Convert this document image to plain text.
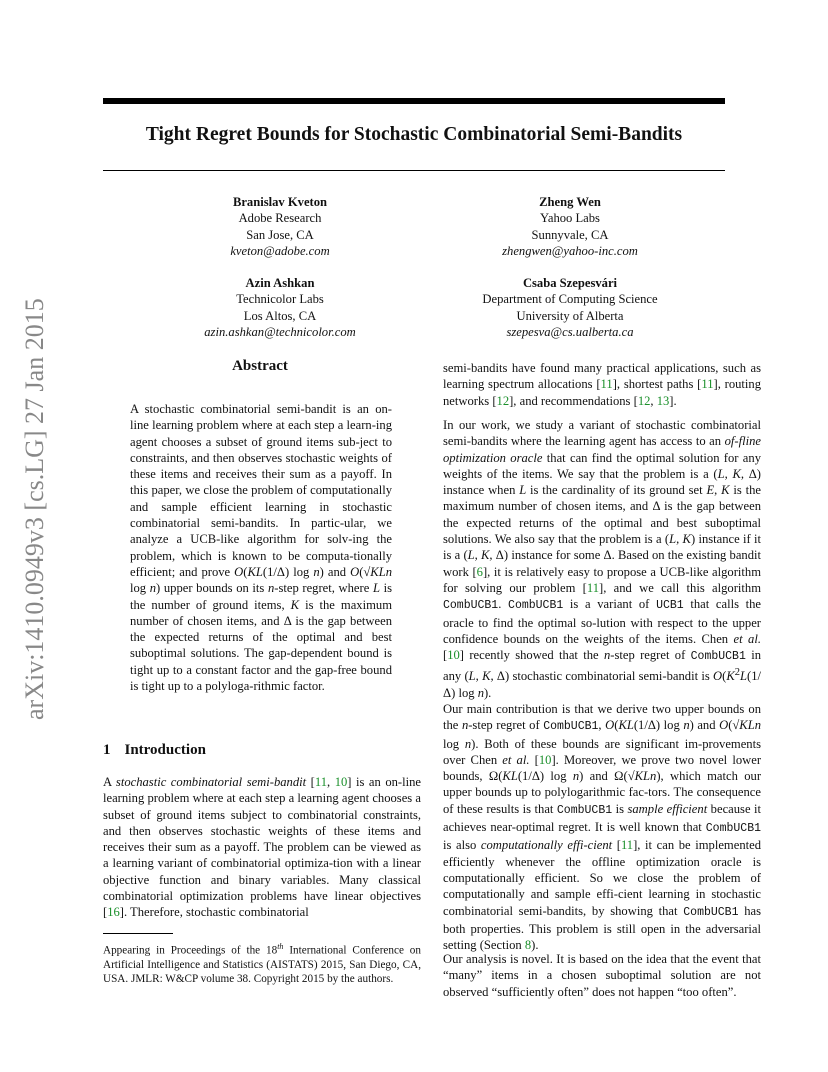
Tight Regret Bounds for Stochastic Combinatorial Semi-Bandits
arXiv:1410.0949v3 [cs.LG] 27 Jan 2015
Branislav Kveton
Adobe Research
San Jose, CA
kveton@adobe.com
Zheng Wen
Yahoo Labs
Sunnyvale, CA
zhengwen@yahoo-inc.com
Azin Ashkan
Technicolor Labs
Los Altos, CA
azin.ashkan@technicolor.com
Csaba Szepesvári
Department of Computing Science
University of Alberta
szepesva@cs.ualberta.ca
Abstract
A stochastic combinatorial semi-bandit is an on-line learning problem where at each step a learn-ing agent chooses a subset of ground items sub-ject to constraints, and then observes stochastic weights of these items and receives their sum as a payoff. In this paper, we close the problem of computationally and sample efficient learning in stochastic combinatorial semi-bandits. In partic-ular, we analyze a UCB-like algorithm for solv-ing the problem, which is known to be computa-tionally efficient; and prove O(KL(1/Δ) log n) and O(√KLn log n) upper bounds on its n-step regret, where L is the number of ground items, K is the maximum number of chosen items, and Δ is the gap between the expected returns of the optimal and best suboptimal solutions. The gap-dependent bound is tight up to a constant factor and the gap-free bound is tight up to a polyloga-rithmic factor.
1 Introduction
A stochastic combinatorial semi-bandit [11, 10] is an on-line learning problem where at each step a learning agent chooses a subset of ground items subject to combinatorial constraints, and then observes stochastic weights of these items and receives their sum as a payoff. The problem can be viewed as a learning variant of combinatorial optimiza-tion with a linear objective function and binary variables. Many classical combinatorial optimization problems have linear objectives [16]. Therefore, stochastic combinatorial
Appearing in Proceedings of the 18th International Conference on Artificial Intelligence and Statistics (AISTATS) 2015, San Diego, CA, USA. JMLR: W&CP volume 38. Copyright 2015 by the authors.
semi-bandits have found many practical applications, such as learning spectrum allocations [11], shortest paths [11], routing networks [12], and recommendations [12, 13].
In our work, we study a variant of stochastic combinatorial semi-bandits where the learning agent has access to an of-fline optimization oracle that can find the optimal solution for any weights of the items. We say that the problem is a (L, K, Δ) instance when L is the cardinality of its ground set E, K is the maximum number of chosen items, and Δ is the gap between the expected returns of the optimal and best suboptimal solutions. We also say that the problem is a (L, K) instance if it is a (L, K, Δ) instance for some Δ. Based on the existing bandit work [6], it is relatively easy to propose a UCB-like algorithm for solving our problem [11], and we call this algorithm CombUCB1. CombUCB1 is a variant of UCB1 that calls the oracle to find the optimal so-lution with respect to the upper confidence bounds on the weights of the items. Chen et al. [10] recently showed that the n-step regret of CombUCB1 in any (L, K, Δ) stochastic combinatorial semi-bandit is $O(K^2L(1/\Delta)$ log n).
Our main contribution is that we derive two upper bounds on the n-step regret of CombUCB1, O(KL(1/Δ) log n) and O(√KLn log n). Both of these bounds are significant im-provements over Chen et al. [10]. Moreover, we prove two novel lower bounds, Ω(KL(1/Δ) log n) and Ω(√KLn), which match our upper bounds up to polylogarithmic fac-tors. The consequence of these results is that CombUCB1 is sample efficient because it achieves near-optimal regret. It is well known that CombUCB1 is also computationally effi-cient [11], it can be implemented efficiently whenever the offline optimization oracle is computationally efficient. So we close the problem of computationally and sample effi-cient learning in stochastic combinatorial semi-bandits, by showing that CombUCB1 has both properties. This problem is still open in the adversarial setting (Section 8).
Our analysis is novel. It is based on the idea that the event that “many” items in a chosen suboptimal solution are not observed “sufficiently often” does not happen “too often”.
